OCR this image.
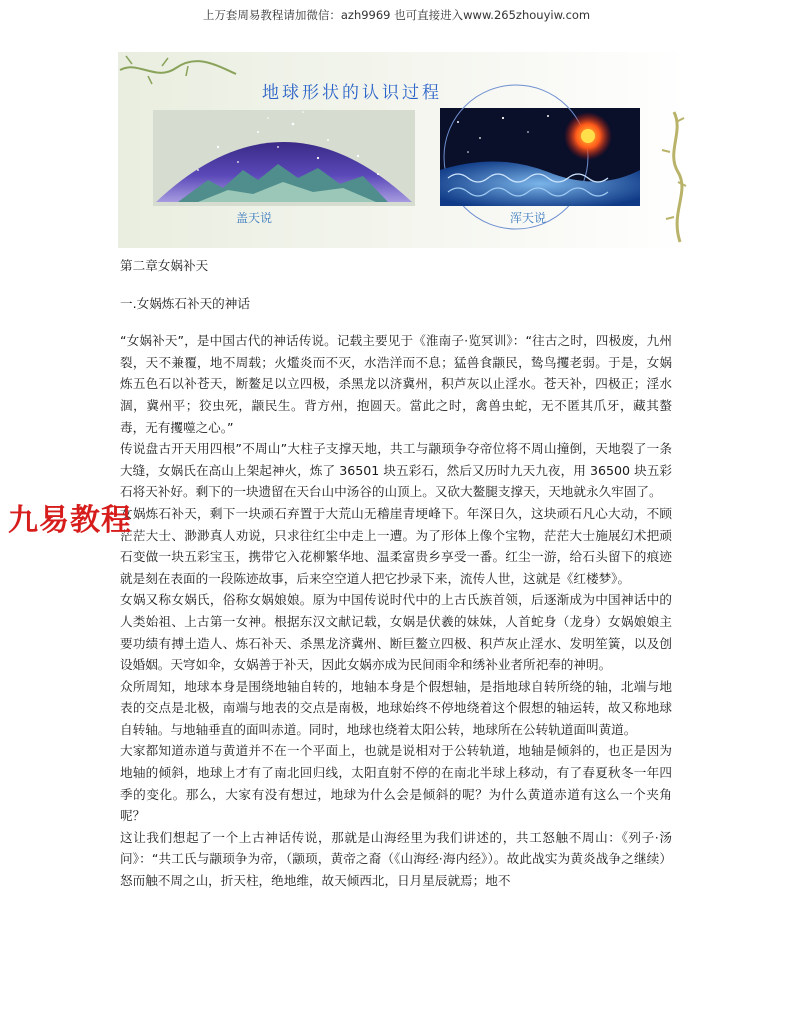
上万套周易教程请加微信：azh9969 也可直接进入www.265zhouyiw.com
地球形状的认识过程
盖天说	浑天说

第二章女娲补天

一.女娲炼石补天的神话

“女娲补天”，是中国古代的神话传说。记载主要见于《淮南子·览冥训》：“往古之时，四极废，九州裂，天不兼覆，地不周载；火爁炎而不灭，水浩洋而不息；猛兽食颛民，鸷鸟攫老弱。于是，女娲炼五色石以补苍天，断鳌足以立四极，杀黑龙以济冀州，积芦灰以止淫水。苍天补，四极正；淫水涸，冀州平；狡虫死，颛民生。背方州，抱圆天。當此之时，禽兽虫蛇，无不匿其爪牙，藏其螯毒，无有攫噬之心。”

传说盘古开天用四根”不周山”大柱子支撑天地，共工与颛顼争夺帝位将不周山撞倒，天地裂了一条大缝，女娲氏在高山上架起神火，炼了 36501 块五彩石，然后又历时九天九夜，用 36500 块五彩石将天补好。剩下的一块遗留在天台山中汤谷的山顶上。又砍大鳌腿支撑天，天地就永久牢固了。

女娲炼石补天，剩下一块顽石弃置于大荒山无稽崖青埂峰下。年深日久，这块顽石凡心大动，不顾茫茫大士、渺渺真人劝说，只求往红尘中走上一遭。为了形体上像个宝物，茫茫大士施展幻术把顽石变做一块五彩宝玉，携带它入花柳繁华地、温柔富贵乡享受一番。红尘一游，给石头留下的痕迹就是刻在表面的一段陈迹故事，后来空空道人把它抄录下来，流传人世，这就是《红楼梦》。

女娲又称女娲氏，俗称女娲娘娘。原为中国传说时代中的上古氏族首领，后逐渐成为中国神话中的人类始祖、上古第一女神。根据东汉文献记载，女娲是伏羲的妹妹，人首蛇身（龙身）女娲娘娘主要功绩有搏土造人、炼石补天、杀黑龙济冀州、断巨鳌立四极、积芦灰止淫水、发明笙簧，以及创设婚姻。天穹如伞，女娲善于补天，因此女娲亦成为民间雨伞和绣补业者所祀奉的神明。

众所周知，地球本身是围绕地轴自转的，地轴本身是个假想轴，是指地球自转所绕的轴，北端与地表的交点是北极，南端与地表的交点是南极，地球始终不停地绕着这个假想的轴运转，故又称地球自转轴。与地轴垂直的面叫赤道。同时，地球也绕着太阳公转，地球所在公转轨道面叫黄道。

大家都知道赤道与黄道并不在一个平面上，也就是说相对于公转轨道，地轴是倾斜的，也正是因为地轴的倾斜，地球上才有了南北回归线，太阳直射不停的在南北半球上移动，有了春夏秋冬一年四季的变化。那么，大家有没有想过，地球为什么会是倾斜的呢？为什么黄道赤道有这么一个夹角呢？

这让我们想起了一个上古神话传说，那就是山海经里为我们讲述的，共工怒触不周山：《列子·汤问》：“共工氏与颛顼争为帝，（颛顼，黄帝之裔（《山海经·海内经》）。故此战实为黄炎战争之继续）怒而触不周之山，折天柱，绝地维，故天倾西北，日月星辰就焉；地不

九易教程
